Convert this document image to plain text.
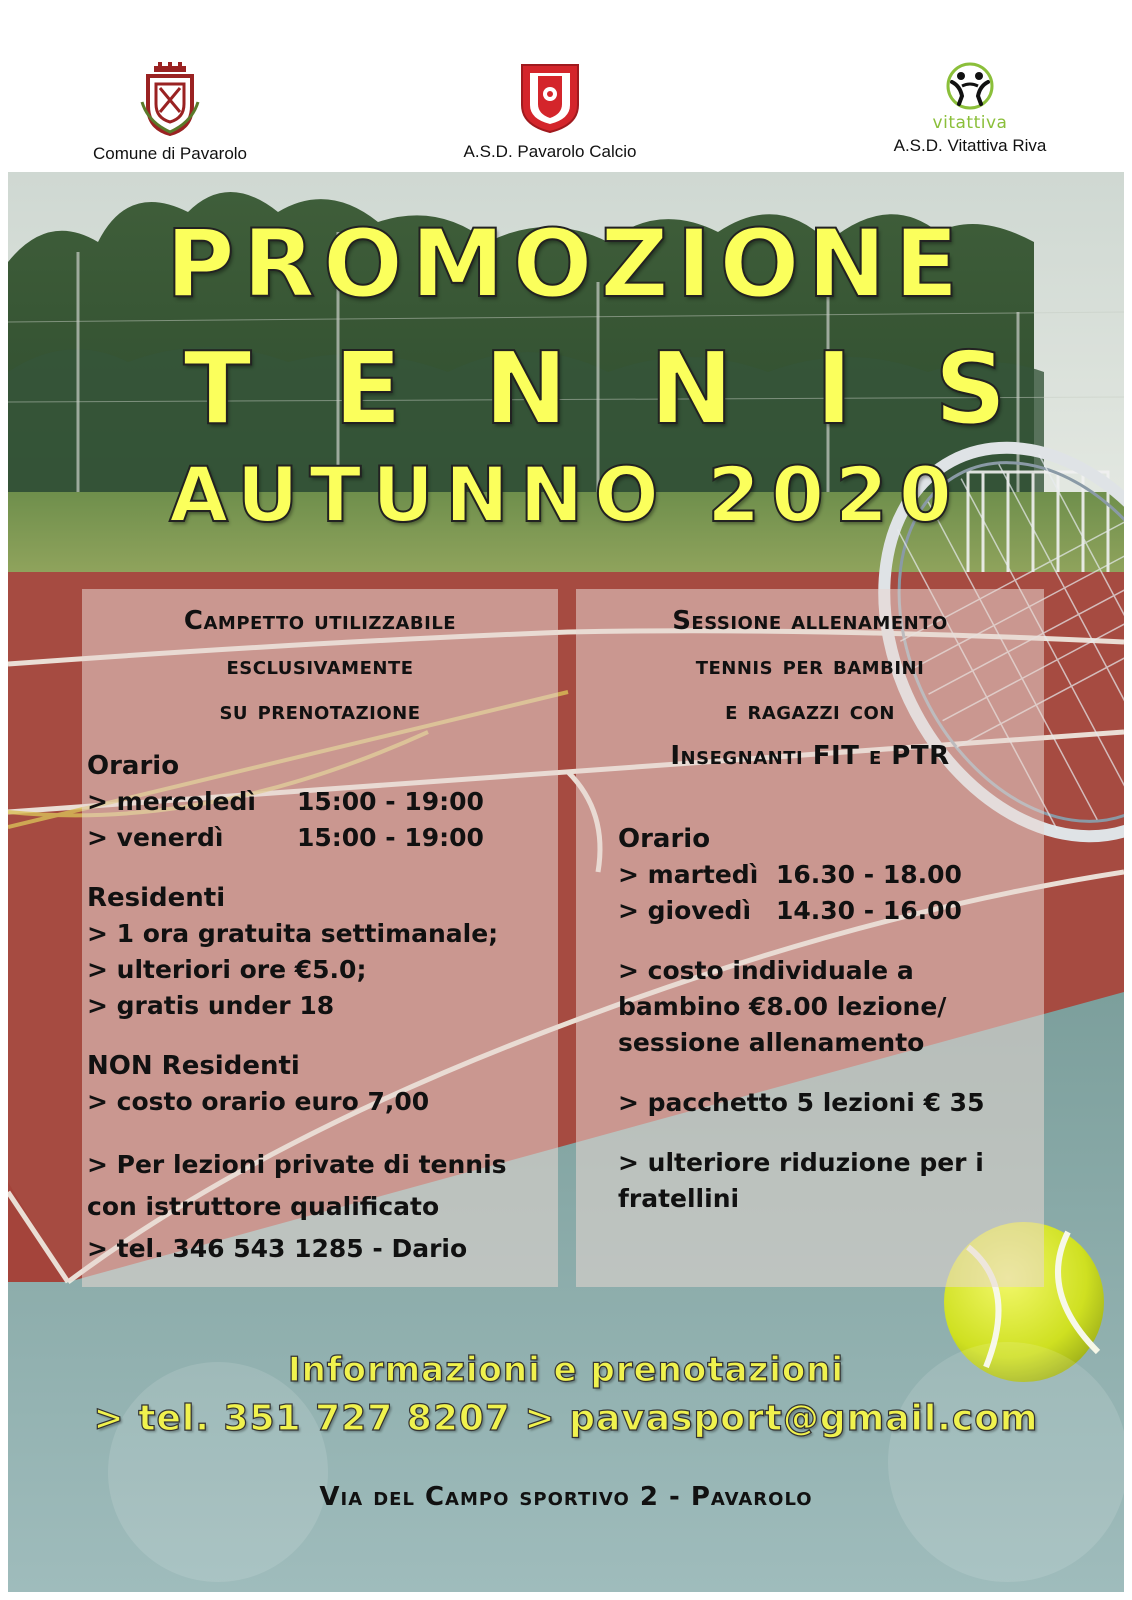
Comune di Pavarolo	A.S.D. Pavarolo Calcio
vitattiva
A.S.D. Vitattiva Riva
PROMOZIONE
TENNIS
AUTUNNO 2020
Campetto utilizzabile
esclusivamente
su prenotazione
Orario
> mercoledì	15:00 - 19:00
> venerdì	15:00 - 19:00
Residenti
> 1 ora gratuita settimanale;
> ulteriori ore €5.0;
> gratis under 18
NON Residenti
> costo orario euro 7,00
> Per lezioni private di tennis
con istruttore qualificato
> tel. 346 543 1285 - Dario
Sessione allenamento
tennis per bambini
e ragazzi con
Insegnanti FIT e PTR
Orario
> martedì 16.30 - 18.00
> giovedì 14.30 - 16.00
> costo individuale a
bambino €8.00 lezione/
sessione allenamento
> pacchetto 5 lezioni € 35
> ulteriore riduzione per i
fratellini
Informazioni e prenotazioni
> tel. 351 727 8207 > pavasport@gmail.com
Via del Campo sportivo 2 - Pavarolo
